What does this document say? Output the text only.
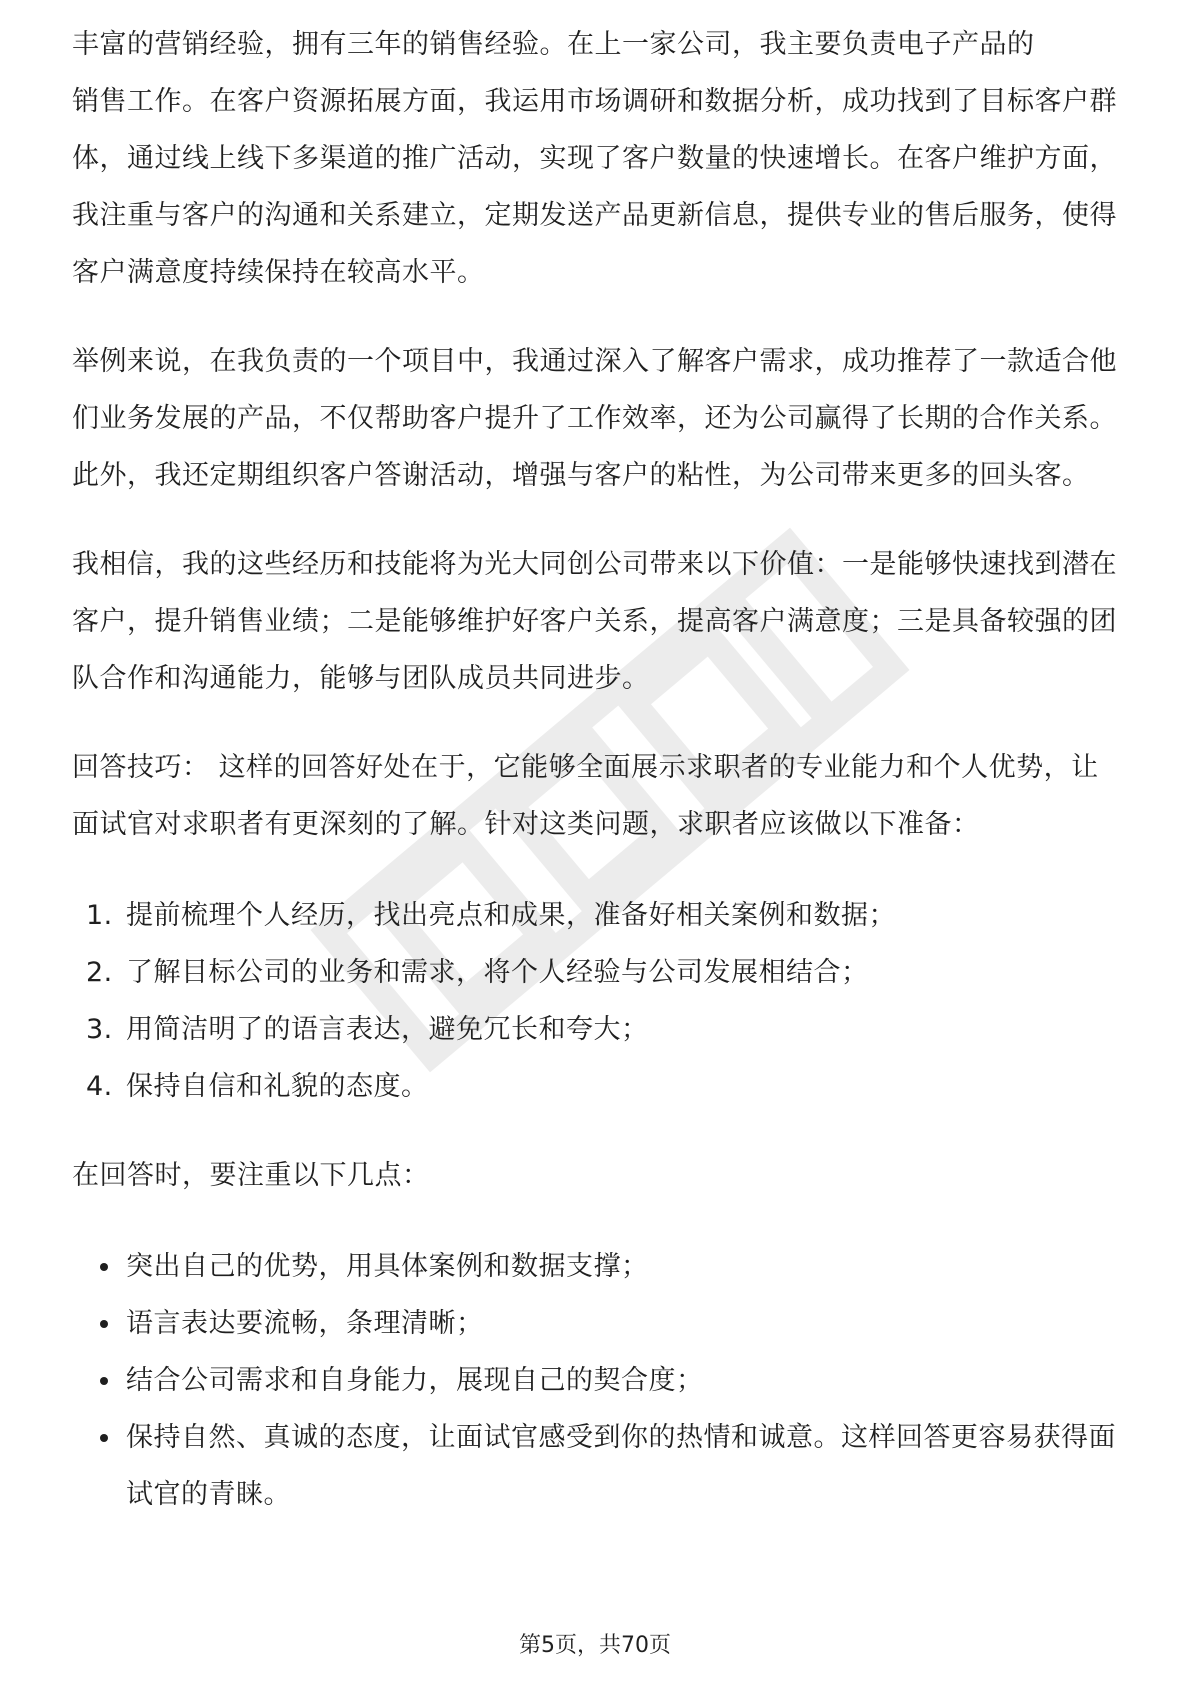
丰富的营销经验，拥有三年的销售经验。在上一家公司，我主要负责电子产品的

销售工作。在客户资源拓展方面，我运用市场调研和数据分析，成功找到了目标客户群体，通过线上线下多渠道的推广活动，实现了客户数量的快速增长。在客户维护方面，我注重与客户的沟通和关系建立，定期发送产品更新信息，提供专业的售后服务，使得客户满意度持续保持在较高水平。

举例来说，在我负责的一个项目中，我通过深入了解客户需求，成功推荐了一款适合他们业务发展的产品，不仅帮助客户提升了工作效率，还为公司赢得了长期的合作关系。此外，我还定期组织客户答谢活动，增强与客户的粘性，为公司带来更多的回头客。

我相信，我的这些经历和技能将为光大同创公司带来以下价值：一是能够快速找到潜在客户，提升销售业绩；二是能够维护好客户关系，提高客户满意度；三是具备较强的团队合作和沟通能力，能够与团队成员共同进步。

回答技巧： 这样的回答好处在于，它能够全面展示求职者的专业能力和个人优势，让面试官对求职者有更深刻的了解。针对这类问题，求职者应该做以下准备：

1. 提前梳理个人经历，找出亮点和成果，准备好相关案例和数据；
2. 了解目标公司的业务和需求，将个人经验与公司发展相结合；
3. 用简洁明了的语言表达，避免冗长和夸大；
4. 保持自信和礼貌的态度。

在回答时，要注重以下几点：

突出自己的优势，用具体案例和数据支撑；
语言表达要流畅，条理清晰；
结合公司需求和自身能力，展现自己的契合度；
保持自然、真诚的态度，让面试官感受到你的热情和诚意。这样回答更容易获得面试官的青睐。
第5页，共70页
